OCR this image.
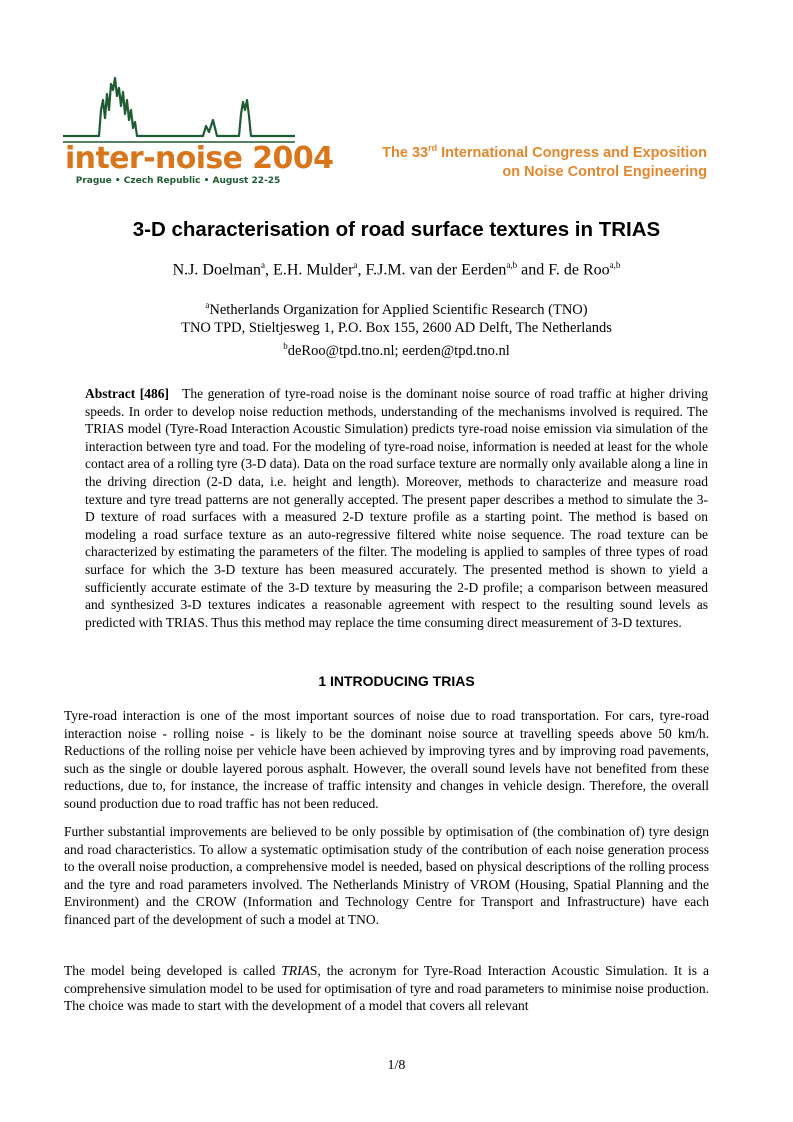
inter-noise 2004
Prague • Czech Republic • August 22-25
The 33rd International Congress and Exposition
on Noise Control Engineering
3-D characterisation of road surface textures in TRIAS
N.J. Doelman$^a$, E.H. Mulder$^a$, F.J.M. van der Eerden$^{a,b}$ and F. de Roo$^{a,b}$
$^a$Netherlands Organization for Applied Scientific Research (TNO)
TNO TPD, Stieltjesweg 1, P.O. Box 155, 2600 AD Delft, The Netherlands
$^b$deRoo@tpd.tno.nl; eerden@tpd.tno.nl
Abstract [486] The generation of tyre-road noise is the dominant noise source of road traffic at higher driving speeds. In order to develop noise reduction methods, understanding of the mechanisms involved is required. The TRIAS model (Tyre-Road Interaction Acoustic Simulation) predicts tyre-road noise emission via simulation of the interaction between tyre and toad. For the modeling of tyre-road noise, information is needed at least for the whole contact area of a rolling tyre (3-D data). Data on the road surface texture are normally only available along a line in the driving direction (2-D data, i.e. height and length). Moreover, methods to characterize and measure road texture and tyre tread patterns are not generally accepted. The present paper describes a method to simulate the 3-D texture of road surfaces with a measured 2-D texture profile as a starting point. The method is based on modeling a road surface texture as an auto-regressive filtered white noise sequence. The road texture can be characterized by estimating the parameters of the filter. The modeling is applied to samples of three types of road surface for which the 3-D texture has been measured accurately. The presented method is shown to yield a sufficiently accurate estimate of the 3-D texture by measuring the 2-D profile; a comparison between measured and synthesized 3-D textures indicates a reasonable agreement with respect to the resulting sound levels as predicted with TRIAS. Thus this method may replace the time consuming direct measurement of 3-D textures.
1 INTRODUCING TRIAS
Tyre-road interaction is one of the most important sources of noise due to road transportation. For cars, tyre-road interaction noise - rolling noise - is likely to be the dominant noise source at travelling speeds above 50 km/h. Reductions of the rolling noise per vehicle have been achieved by improving tyres and by improving road pavements, such as the single or double layered porous asphalt. However, the overall sound levels have not benefited from these reductions, due to, for instance, the increase of traffic intensity and changes in vehicle design. Therefore, the overall sound production due to road traffic has not been reduced.
Further substantial improvements are believed to be only possible by optimisation of (the combination of) tyre design and road characteristics. To allow a systematic optimisation study of the contribution of each noise generation process to the overall noise production, a comprehensive model is needed, based on physical descriptions of the rolling process and the tyre and road parameters involved. The Netherlands Ministry of VROM (Housing, Spatial Planning and the Environment) and the CROW (Information and Technology Centre for Transport and Infrastructure) have each financed part of the development of such a model at TNO.
The model being developed is called TRIAS, the acronym for Tyre-Road Interaction Acoustic Simulation. It is a comprehensive simulation model to be used for optimisation of tyre and road parameters to minimise noise production. The choice was made to start with the development of a model that covers all relevant
1/8
